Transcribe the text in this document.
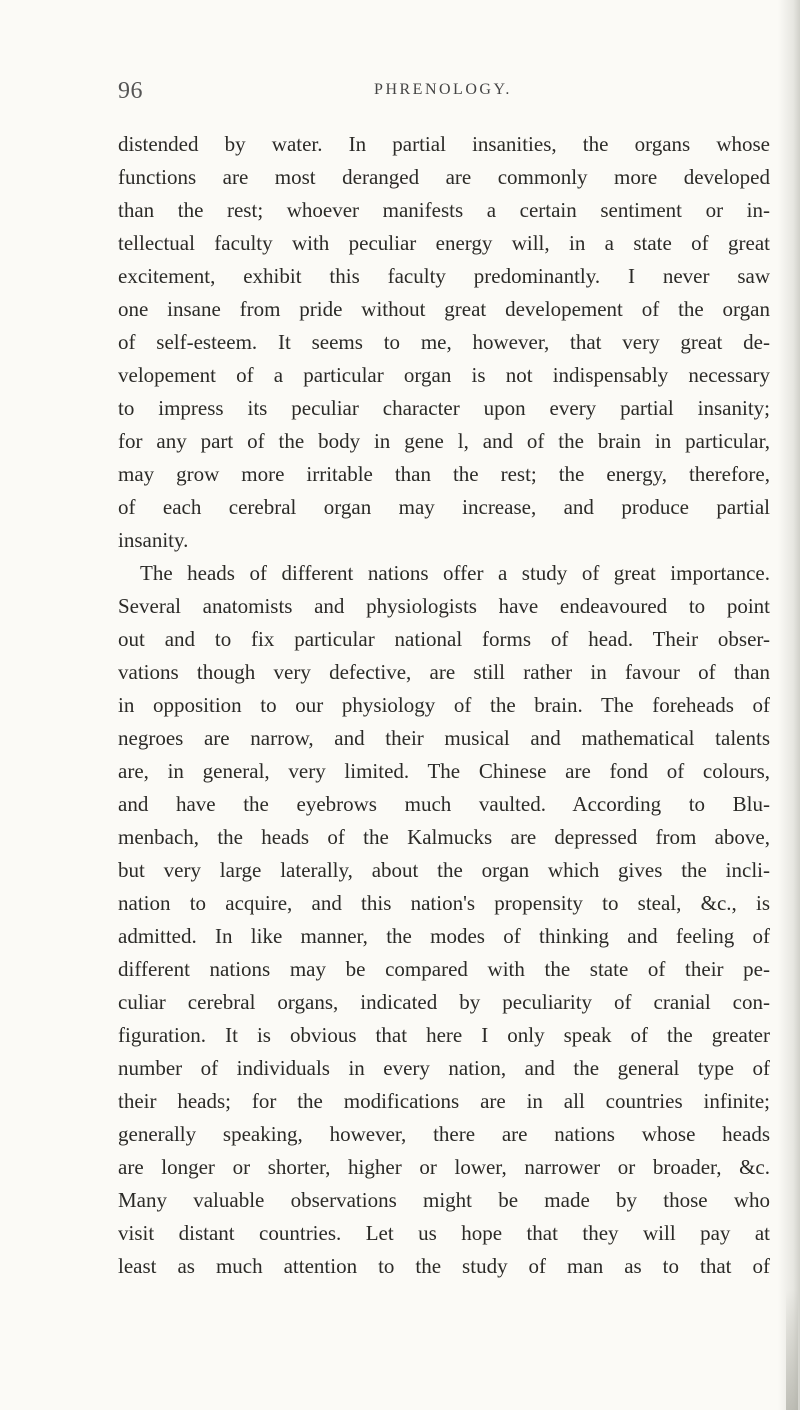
96	PHRENOLOGY.
distended by water. In partial insanities, the organs whose
functions are most deranged are commonly more developed
than the rest; whoever manifests a certain sentiment or in-
tellectual faculty with peculiar energy will, in a state of great
excitement, exhibit this faculty predominantly. I never saw
one insane from pride without great developement of the organ
of self-esteem. It seems to me, however, that very great de-
velopement of a particular organ is not indispensably necessary
to impress its peculiar character upon every partial insanity;
for any part of the body in gene l, and of the brain in particular,
may grow more irritable than the rest; the energy, therefore,
of each cerebral organ may increase, and produce partial
insanity.
The heads of different nations offer a study of great importance.
Several anatomists and physiologists have endeavoured to point
out and to fix particular national forms of head. Their obser-
vations though very defective, are still rather in favour of than
in opposition to our physiology of the brain. The foreheads of
negroes are narrow, and their musical and mathematical talents
are, in general, very limited. The Chinese are fond of colours,
and have the eyebrows much vaulted. According to Blu-
menbach, the heads of the Kalmucks are depressed from above,
but very large laterally, about the organ which gives the incli-
nation to acquire, and this nation's propensity to steal, &c., is
admitted. In like manner, the modes of thinking and feeling of
different nations may be compared with the state of their pe-
culiar cerebral organs, indicated by peculiarity of cranial con-
figuration. It is obvious that here I only speak of the greater
number of individuals in every nation, and the general type of
their heads; for the modifications are in all countries infinite;
generally speaking, however, there are nations whose heads
are longer or shorter, higher or lower, narrower or broader, &c.
Many valuable observations might be made by those who
visit distant countries. Let us hope that they will pay at
least as much attention to the study of man as to that of
